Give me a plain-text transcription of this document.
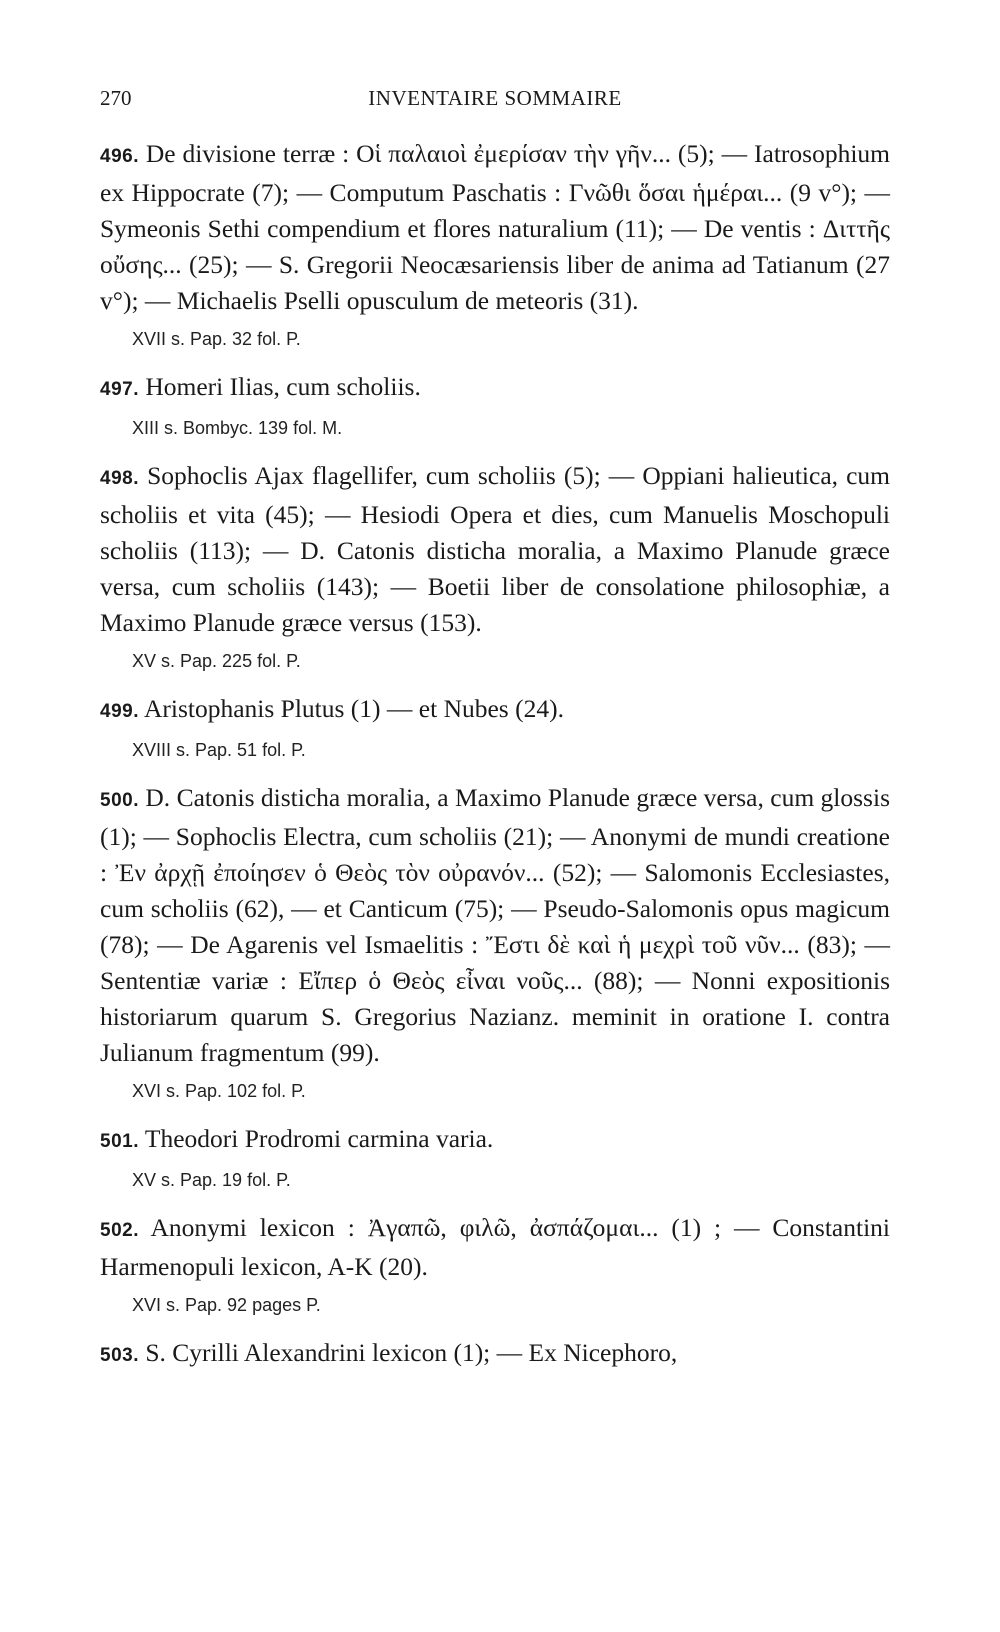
270	INVENTAIRE SOMMAIRE

496. De divisione terræ : Οἱ παλαιοὶ ἐμερίσαν τὴν γῆν... (5); — Iatrosophium ex Hippocrate (7); — Computum Paschatis : Γνῶθι ὅσαι ἡμέραι... (9 v°); — Symeonis Sethi compendium et flores naturalium (11); — De ventis : Διττῆς οὔσης... (25); — S. Gregorii Neocæsariensis liber de anima ad Tatianum (27 v°); — Michaelis Pselli opusculum de meteoris (31).

XVII s. Pap. 32 fol. P.

497. Homeri Ilias, cum scholiis.

XIII s. Bombyc. 139 fol. M.

498. Sophoclis Ajax flagellifer, cum scholiis (5); — Oppiani halieutica, cum scholiis et vita (45); — Hesiodi Opera et dies, cum Manuelis Moschopuli scholiis (113); — D. Catonis disticha moralia, a Maximo Planude græce versa, cum scholiis (143); — Boetii liber de consolatione philosophiæ, a Maximo Planude græce versus (153).

XV s. Pap. 225 fol. P.

499. Aristophanis Plutus (1) — et Nubes (24).

XVIII s. Pap. 51 fol. P.

500. D. Catonis disticha moralia, a Maximo Planude græce versa, cum glossis (1); — Sophoclis Electra, cum scholiis (21); — Anonymi de mundi creatione : Ἐν ἀρχῇ ἐποίησεν ὁ Θεὸς τὸν οὐρανόν... (52); — Salomonis Ecclesiastes, cum scholiis (62), — et Canticum (75); — Pseudo-Salomonis opus magicum (78); — De Agarenis vel Ismaelitis : Ἔστι δὲ καὶ ἡ μεχρὶ τοῦ νῦν... (83); — Sententiæ variæ : Εἴπερ ὁ Θεὸς εἶναι νοῦς... (88); — Nonni expositionis historiarum quarum S. Gregorius Nazianz. meminit in oratione I. contra Julianum fragmentum (99).

XVI s. Pap. 102 fol. P.

501. Theodori Prodromi carmina varia.

XV s. Pap. 19 fol. P.

502. Anonymi lexicon : Ἀγαπῶ, φιλῶ, ἀσπάζομαι... (1) ; — Constantini Harmenopuli lexicon, A-K (20).

XVI s. Pap. 92 pages P.

503. S. Cyrilli Alexandrini lexicon (1); — Ex Nicephoro,
